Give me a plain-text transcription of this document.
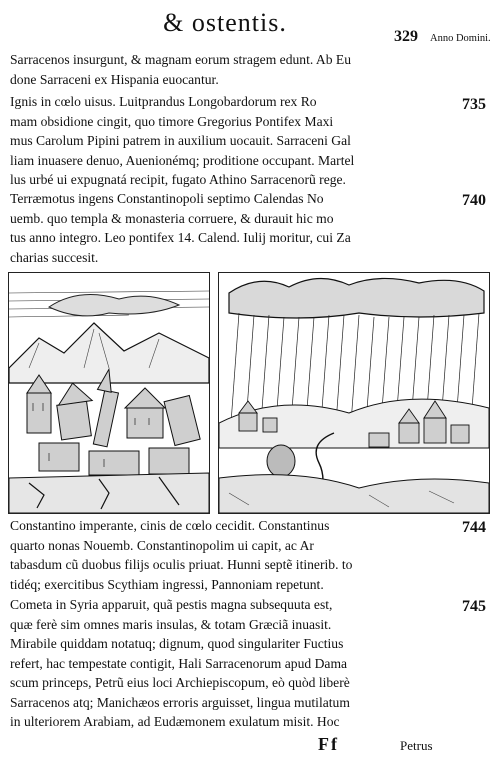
& ostentis.	329 Anno Domini.
Sarracenos insurgunt, & magnam eorum stragem edunt. Ab Eu
done Sarraceni ex Hispania euocantur.
735
Ignis in cœlo uisus. Luitprandus Longobardorum rex Ro
mam obsidione cingit, quo timore Gregorius Pontifex Maxi
mus Carolum Pipini patrem in auxilium uocauit. Sarraceni Gal
liam inuasere denuo, Auenionémq; proditione occupant. Martel
lus urbé ui expugnatá recipit, fugato Athino Sarracenorũ rege.
740
Terræmotus ingens Constantinopoli septimo Calendas No
uemb. quo templa & monasteria corruere, & durauit hic mo
tus anno integro. Leo pontifex 14. Calend. Iulij moritur, cui Za
charias succesit.
744
Constantino imperante, cinis de cœlo cecidit. Constantinus
quarto nonas Nouemb. Constantinopolim ui capit, ac Ar
tabasdum cũ duobus filijs oculis priuat. Hunni septẽ itinerib. to
tidéq; exercitibus Scythiam ingressi, Pannoniam repetunt.
745
Cometa in Syria apparuit, quã pestis magna subsequuta est,
quæ ferè sim omnes maris insulas, & totam Græciã inuasit.
Mirabile quiddam notatuq; dignum, quod singulariter Fuctius
refert, hac tempestate contigit, Hali Sarracenorum apud Dama
scum princeps, Petrũ eius loci Archiepiscopum, eò quòd liberè
Sarracenos atq; Manichæos erroris arguisset, lingua mutilatum
in ulteriorem Arabiam, ad Eudæmonem exulatum misit. Hoc
Ff	Petrus
